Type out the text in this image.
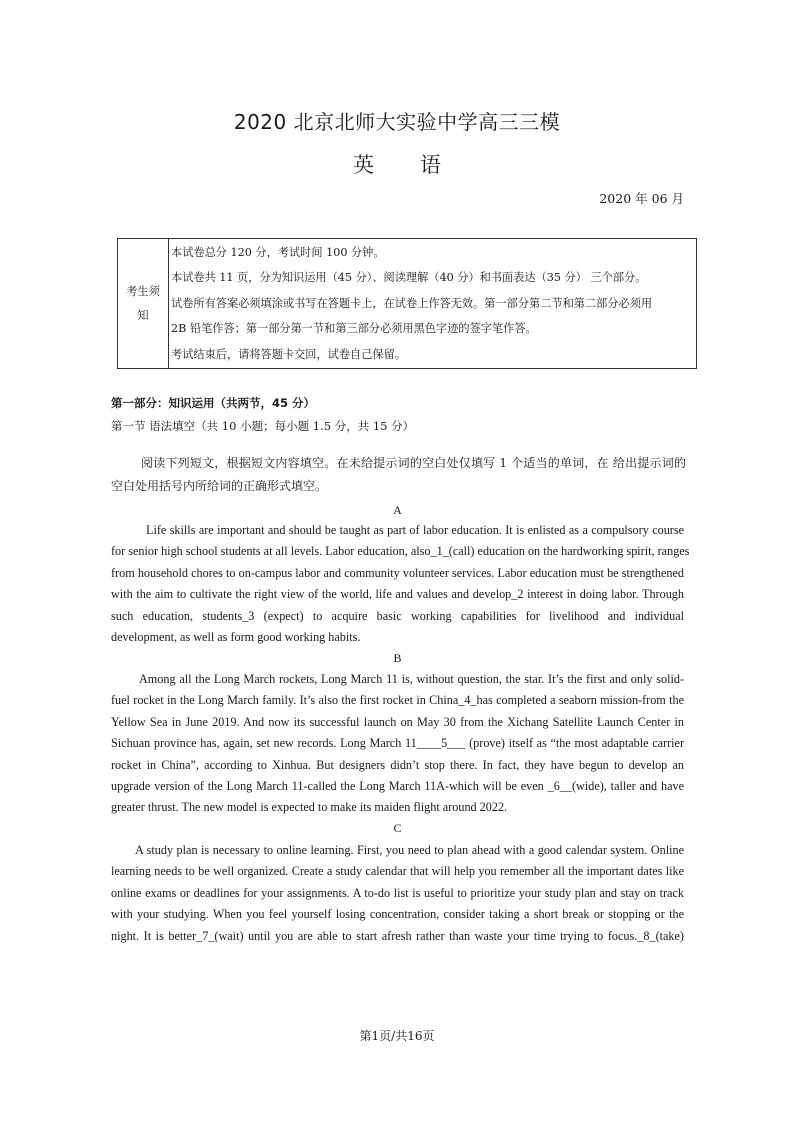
2020 北京北师大实验中学高三三模
英 语
2020 年 06 月
考生须知

本试卷总分 120 分，考试时间 100 分钟。
本试卷共 11 页，分为知识运用（45 分）、阅读理解（40 分）和书面表达（35 分） 三个部分。
试卷所有答案必须填涂或书写在答题卡上，在试卷上作答无效。第一部分第二节和第二部分必须用
2B 铅笔作答；第一部分第一节和第三部分必须用黑色字迹的签字笔作答。
考试结束后，请将答题卡交回，试卷自己保留。
第一部分：知识运用（共两节，45 分）
第一节 语法填空（共 10 小题；每小题 1.5 分，共 15 分）
阅读下列短文，根据短文内容填空。在未给提示词的空白处仅填写 1 个适当的单词，在 给出提示词的空白处用括号内所给词的正确形式填空。
A
Life skills are important and should be taught as part of labor education. It is enlisted as a compulsory course
for senior high school students at all levels. Labor education, also_1_(call) education on the hardworking spirit, ranges
from household chores to on-campus labor and community volunteer services. Labor education must be strengthened
with the aim to cultivate the right view of the world, life and values and develop_2 interest in doing labor. Through
such education, students_3 (expect) to acquire basic working capabilities for livelihood and individual
development, as well as form good working habits.
B
Among all the Long March rockets, Long March 11 is, without question, the star. It’s the first and only solid-
fuel rocket in the Long March family. It’s also the first rocket in China_4_has completed a seaborn mission-from the
Yellow Sea in June 2019. And now its successful launch on May 30 from the Xichang Satellite Launch Center in
Sichuan province has, again, set new records. Long March 11____5___ (prove) itself as “the most adaptable carrier
rocket in China”, according to Xinhua. But designers didn’t stop there. In fact, they have begun to develop an
upgrade version of the Long March 11-called the Long March 11A-which will be even _6__(wide), taller and have
greater thrust. The new model is expected to make its maiden flight around 2022.
C
A study plan is necessary to online learning. First, you need to plan ahead with a good calendar system. Online
learning needs to be well organized. Create a study calendar that will help you remember all the important dates like
online exams or deadlines for your assignments. A to-do list is useful to prioritize your study plan and stay on track
with your studying. When you feel yourself losing concentration, consider taking a short break or stopping or the
night. It is better_7_(wait) until you are able to start afresh rather than waste your time trying to focus._8_(take)
第1页/共16页
